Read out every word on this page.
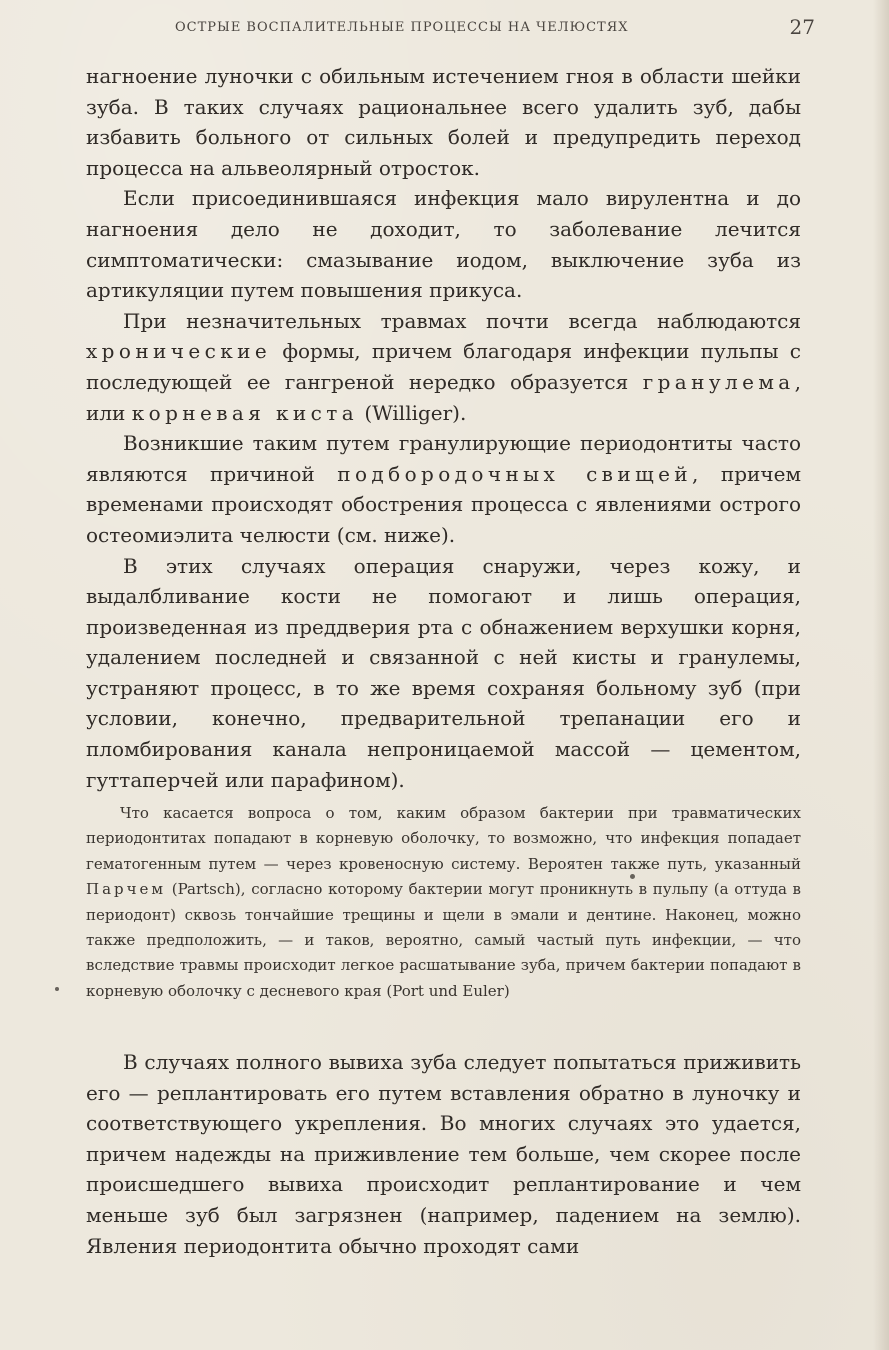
ОСТРЫЕ ВОСПАЛИТЕЛЬНЫЕ ПРОЦЕССЫ НА ЧЕЛЮСТЯХ	27

нагноение луночки с обильным истечением гноя в области шейки зуба. В таких случаях рациональнее всего удалить зуб, дабы избавить больного от сильных болей и предупредить переход процесса на альвеолярный отросток.

Если присоединившаяся инфекция мало вирулентна и до нагноения дело не доходит, то заболевание лечится симптоматически: смазывание иодом, выключение зуба из артикуляции путем повышения прикуса.

При незначительных травмах почти всегда наблюдаются хронические формы, причем благодаря инфекции пульпы с последующей ее гангреной нередко образуется гранулема, или корневая киста (Williger).

Возникшие таким путем гранулирующие периодонтиты часто являются причиной подбородочных свищей, причем временами происходят обострения процесса с явлениями острого остеомиэлита челюсти (см. ниже).

В этих случаях операция снаружи, через кожу, и выдалбливание кости не помогают и лишь операция, произведенная из преддверия рта с обнажением верхушки корня, удалением последней и связанной с ней кисты и гранулемы, устраняют процесс, в то же время сохраняя больному зуб (при условии, конечно, предварительной трепанации его и пломбирования канала непроницаемой массой — цементом, гуттаперчей или парафином).

Что касается вопроса о том, каким образом бактерии при травматических периодонтитах попадают в корневую оболочку, то возможно, что инфекция попадает гематогенным путем — через кровеносную систему. Вероятен также путь, указанный Парчем (Partsch), согласно которому бактерии могут проникнуть в пульпу (а оттуда в периодонт) сквозь тончайшие трещины и щели в эмали и дентине. Наконец, можно также предположить, — и таков, вероятно, самый частый путь инфекции, — что вследствие травмы происходит легкое расшатывание зуба, причем бактерии попадают в корневую оболочку с десневого края (Port und Euler)

В случаях полного вывиха зуба следует попытаться приживить его — реплантировать его путем вставления обратно в луночку и соответствующего укрепления. Во многих случаях это удается, причем надежды на приживление тем больше, чем скорее после происшедшего вывиха происходит реплантирование и чем меньше зуб был загрязнен (например, падением на землю). Явления периодонтита обычно проходят сами
